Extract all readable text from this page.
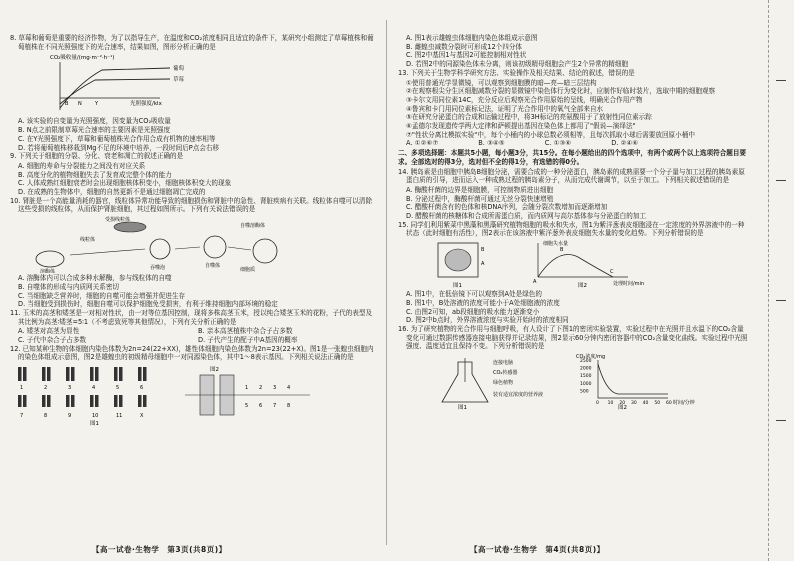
8. 草莓和葡萄是重要的经济作物，为了以指导生产，在温度和CO₂浓度相同且适宜的条件下，某研究小组测定了草莓植株和葡萄植株在不同光照强度下的光合速率，结果如图，图形分析正确的是

CO₂吸收量/(mg·m⁻²·h⁻¹)
葡萄
草莓
光照强度/klx
B N	Y

A. 该实验的自变量为光照强度，因变量为CO₂吸收量

B. N点之前限制草莓光合速率的主要因素是光照强度

C. 在Y光照强度下，草莓和葡萄植株光合作用合成有机物的速率相等

D. 若将葡萄植株移栽到Mg不足的环境中培养，一段时间后P点会右移

9. 下列关于细胞的分裂、分化、衰老和凋亡的叙述正确的是

A. 细胞的寿命与分裂能力之间没有对应关系

B. 高度分化的植物细胞失去了发育成完整个体的能力

C. 人体成熟红细胞衰老时会出现细胞核体积变小，细胞核体积变大的现象

D. 在成熟的生物体中，细胞的自然更新不是通过细胞凋亡完成的

10. 肾脏是一个高能量消耗的器官，线粒体异常功能导致的细胞损伤和肾脏中的急性、肾脏疾病有关联。线粒体自噬可以清除这些受损的线粒体，从而保护肾脏细胞，其过程如图所示。下列有关说法错误的是

溶酶体
受损线粒体
线粒体
吞噬泡	自噬体
细胞质
自噬溶酶体

A. 溶酶体内可以合成多种水解酶，参与线粒体的自噬

B. 自噬体的形成与内质网关系密切

C. 当细胞缺乏营养时，细胞的自噬可能会增强并促进生存

D. 当细胞受到损伤时，细胞自噬可以保护细胞免受损害，有利于维持细胞内部环境的稳定

11. 玉米的高茎和矮茎是一对相对性状，由一对等位基因控制，现将多株高茎玉米，授以纯合矮茎玉米的花粉，子代的表型及其比例为高茎∶矮茎=5∶1（不考虑致死等其他情况），下列有关分析正确的是

A. 矮茎对高茎为显性	B. 亲本高茎植株中杂合子占多数
C. 子代中杂合子占多数	D. 子代产生的配子中A基因的概率

12. 已知某种生物的体细胞内染色体数为2n=24(22+XX)，雄性体细胞内染色体数为2n=23(22+X)。图1是一张蝗虫细胞内的染色体组成示意图，图2是雄蝗虫的初级精母细胞中一对同源染色体，其中1～8表示基因。下列相关说法正确的是

1	2	3	4	5	6
7	8	9	10	11	X
图1
1 2 3 4
5 6 7 8
图2

A. 图1表示雄蝗虫体细胞内染色体组成示意图

B. 雌蝗虫减数分裂时可形成12个四分体

C. 图2中基因1与基因2可能控制相对性状

D. 若图2中的同源染色体未分离，则该初级精母细胞会产生2个异常的精细胞

13. 下列关于生物学科学研究方法、实验操作及相关结果、结论的叙述，错误的是

①使用普通光学显微镜，可以观察到细胞膜的暗—亮—暗三层结构

②在观察根尖分生区细胞减数分裂的显微镜中染色体行为变化时，应制作好临时装片，选取中期的细胞观察

③卡尔文用同位素14C，充分反应后观察光合作用原始的呈线，明确光合作用产物

④鲁宾和卡门用同位素标记法，证明了光合作用中的氧气全部来自水

⑤在研究分泌蛋白的合成和运输过程中，将3H标记的亮氨酸用于了放射性同位素示踪

⑥孟德尔发现遗传学两大定律和萨顿提出基因在染色体上都用了"假说—演绎法"

⑦"性状分离比模拟实验"中，每个小桶内的小球总数必须相等，且每次抓取小球后需要放回原小桶中

A. ①②⑥⑦	B. ③④⑤	C. ①③⑥	D. ②④⑥

二、多项选择题：本题共5小题，每小题3分，共15分。在每小题给出的四个选项中，有两个或两个以上选项符合题目要求。全部选对的得3分，选对但不全的得1分，有选错的得0分。

14. 胰岛素是由细胞中胰岛B细胞分泌，需要合成的一种分泌蛋白，胰岛素的成熟需要一个分子量与加工过程的胰岛素原蛋白质的引导，进而运入一种成熟过程的胰岛素分子，从而完成代谢调节，以至于加工。下列相关叙述错误的是

A. 酶酸杆菌的边界是细胞膜，可控制物质进出细胞

B. 分泌过程中，酶酸杆菌可通过无丝分裂快速增殖

C. 醋酸杆菌含有的色体和核DNA序列，会随分裂次数增加而逐渐增加

D. 醋酸杆菌的核糖体和合成所需蛋白质，而内质网与高尔基体参与分泌蛋白的加工

15. 同学们利用紫菜中黑藻和黑藻研究植物细胞的吸水和失水，图1为紫洋葱表皮细胞浸在一定浓度的外界溶液中的一种状态（此时细胞有活性），图2表示在该溶液中紫洋葱外表皮细胞失水量的变化趋势。下列分析错误的是

B
A
图1
细胞失水量
处理时间/min
A
B
C
图2

A. 图1中，在低倍镜下可以观察到A处是绿色的

B. 图1中，B处溶液的浓度可能小于A处细胞液的浓度

C. 由图2可知，ab段细胞的吸水能力逐渐变小

D. 图2中b点时，外界溶液浓度与实验开始时的浓度相同

16. 为了研究植物的光合作用与细胞呼吸，有人设计了下图1的密闭实验装置，实验过程中在光照并且水温下的CO₂含量变化可通过数据传感器连接电脑获得并记录结果，图2显示60分钟内密闭容器中的CO₂含量变化曲线。实验过程中光照强度、温度适宜且保持不变。下列分析错误的是

连接电脑
CO₂传感器
绿色植物
装有适宜浓度的营养液
图1
2500
2000
1500
1000
500
0 10 20 30 40 50 60
CO₂浓度/mg
时间/分钟
图2
【高一试卷·生物学　第3页(共8页)】	【高一试卷·生物学　第4页(共8页)】
